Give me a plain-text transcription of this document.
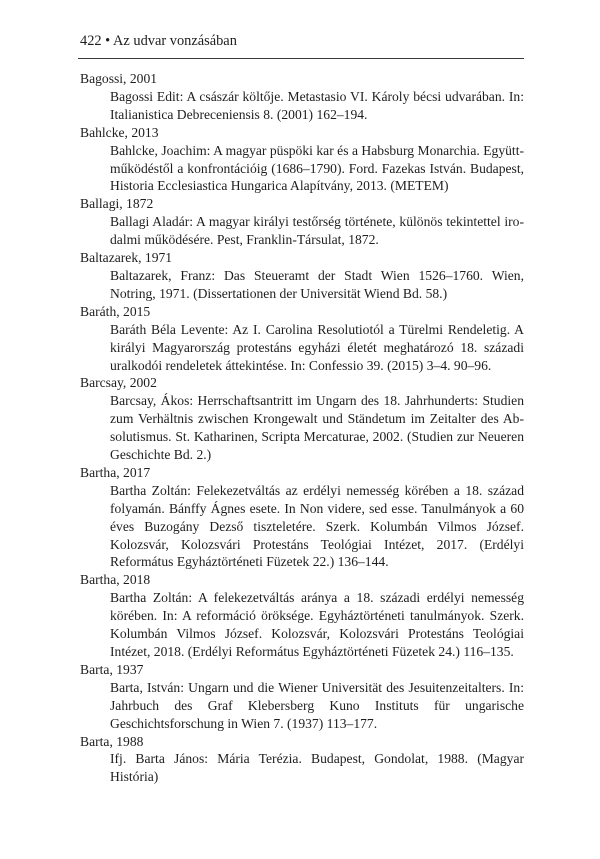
422 • Az udvar vonzásában

Bagossi, 2001

Bagossi Edit: A császár költője. Metastasio VI. Károly bécsi udvarában. In: Italianistica Debreceniensis 8. (2001) 162–194.

Bahlcke, 2013

Bahlcke, Joachim: A magyar püspöki kar és a Habsburg Monarchia. Együttműködéstől a konfrontációig (1686–1790). Ford. Fazekas István. Budapest, Historia Ecclesiastica Hungarica Alapítvány, 2013. (METEM)

Ballagi, 1872

Ballagi Aladár: A magyar királyi testőrség története, különös tekintettel irodalmi működésére. Pest, Franklin-Társulat, 1872.

Baltazarek, 1971

Baltazarek, Franz: Das Steueramt der Stadt Wien 1526–1760. Wien, Notring, 1971. (Dissertationen der Universität Wiend Bd. 58.)

Baráth, 2015

Baráth Béla Levente: Az I. Carolina Resolutiotól a Türelmi Rendeletig. A királyi Magyarország protestáns egyházi életét meghatározó 18. századi uralkodói rendeletek áttekintése. In: Confessio 39. (2015) 3–4. 90–96.

Barcsay, 2002

Barcsay, Ákos: Herrschaftsantritt im Ungarn des 18. Jahrhunderts: Studien zum Verhältnis zwischen Krongewalt und Ständetum im Zeitalter des Absolutismus. St. Katharinen, Scripta Mercaturae, 2002. (Studien zur Neueren Geschichte Bd. 2.)

Bartha, 2017

Bartha Zoltán: Felekezetváltás az erdélyi nemesség körében a 18. század folyamán. Bánffy Ágnes esete. In Non videre, sed esse. Tanulmányok a 60 éves Buzogány Dezső tiszteletére. Szerk. Kolumbán Vilmos József. Kolozsvár, Kolozsvári Protestáns Teológiai Intézet, 2017. (Erdélyi Református Egyháztörténeti Füzetek 22.) 136–144.

Bartha, 2018

Bartha Zoltán: A felekezetváltás aránya a 18. századi erdélyi nemesség körében. In: A reformáció öröksége. Egyháztörténeti tanulmányok. Szerk. Kolumbán Vilmos József. Kolozsvár, Kolozsvári Protestáns Teológiai Intézet, 2018. (Erdélyi Református Egyháztörténeti Füzetek 24.) 116–135.

Barta, 1937

Barta, István: Ungarn und die Wiener Universität des Jesuitenzeitalters. In: Jahrbuch des Graf Klebersberg Kuno Instituts für ungarische Geschichtsforschung in Wien 7. (1937) 113–177.

Barta, 1988

Ifj. Barta János: Mária Terézia. Budapest, Gondolat, 1988. (Magyar História)
